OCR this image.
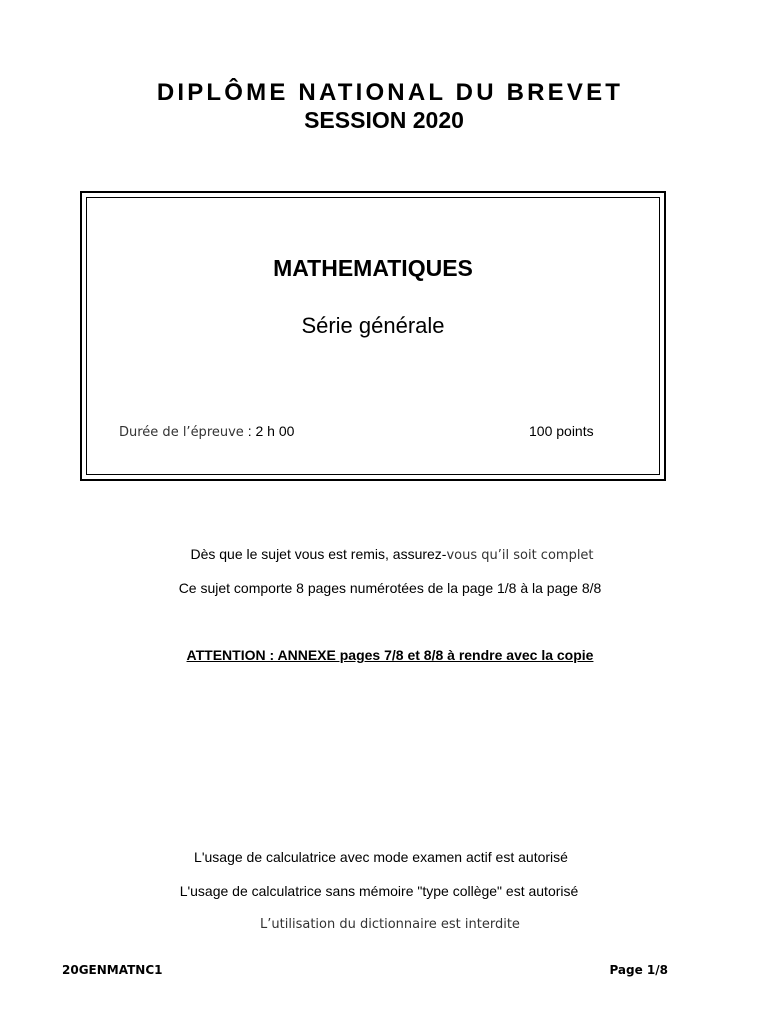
DIPLÔME NATIONAL DU BREVET
SESSION 2020
MATHEMATIQUES
Série générale
Durée de l’épreuve : 2 h 00	100 points
Dès que le sujet vous est remis, assurez-vous qu’il soit complet
Ce sujet comporte 8 pages numérotées de la page 1/8 à la page 8/8
ATTENTION : ANNEXE pages 7/8 et 8/8 à rendre avec la copie
L'usage de calculatrice avec mode examen actif est autorisé
L'usage de calculatrice sans mémoire "type collège" est autorisé
L’utilisation du dictionnaire est interdite
20GENMATNC1	Page 1/8
